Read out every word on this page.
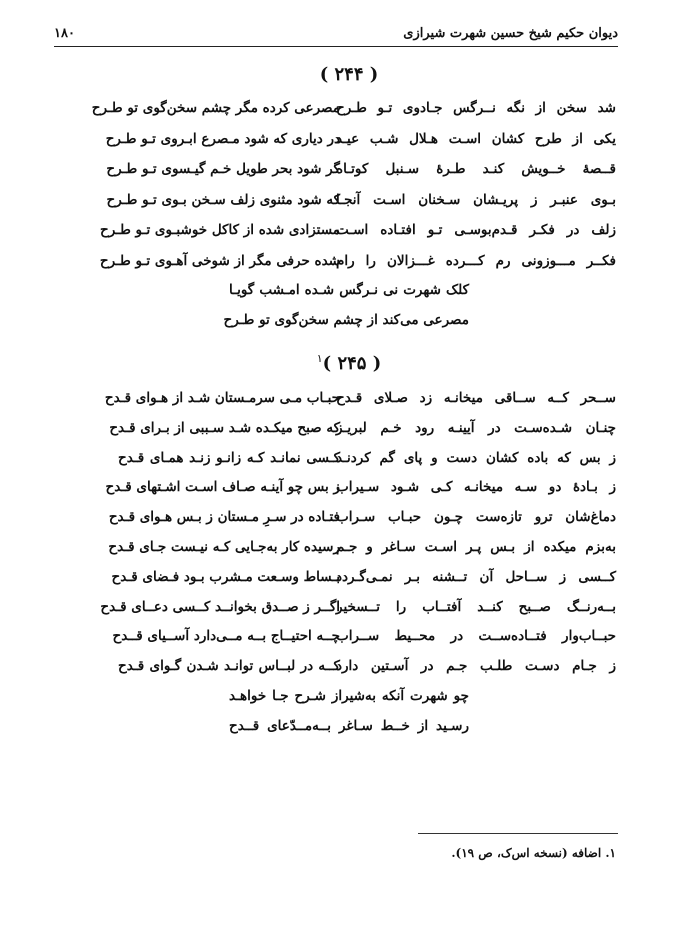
دیوان حکیم شیخ حسین شهرت شیرازی
۱۸۰
( ۲۴۴ )
شد سخن از نگه نــرگس جـادوی تـو طـرح
مصرعی کرده مگر چشم سخن‌گوی تو طـرح
یکی از طرح کشان اسـت هـلال شـب عیـد
در دیاری که شود مـصرع ابـروی تـو طـرح
قــصهٔ خــویش کنـد طـرهٔ سـنبل کوتـاه
گر شود بحر طویل خـم گیـسوی تـو طـرح
بـوی عنبـر ز پریـشان سـخنان اسـت آنجـا
که شود مثنوی زلف سـخن بـوی تـو طـرح
زلف در فکـر قـدم‌بوسـی تـو افتـاده اسـت
مستزادی شده از کاکل خوشبـوی تـو طـرح
فکــر مـــوزونی رم کـــرده غـــزالان را رام
شده حرفی مگر از شوخی آهـوی تـو طـرح
کلک شهرت نی نـرگس شـده امـشب گویـا
مصرعی می‌کند از چشم سخن‌گوی تو طـرح
( ۲۴۵ )$^۱$
ســحر کــه ســاقی میخانـه زد صـلای قـدح
حبـاب مـی سرمـستان شـد از هـوای قـدح
چنـان شـده‌سـت در آیینـه رود خـم لبریـز
که صبح میکـده شـد سـببی از بـرای قـدح
ز بس که باده کشان دست و پای گم کردنـد
کـسی نمانـد کـه زانـو زنـد همـای قـدح
ز بـادهٔ دو سـه میخانـه کـی شـود سـیراب
ز بس چو آینـه صـاف اسـت اشـتهای قـدح
دماغ‌شان ترو تازه‌ست چـون حبـاب سـراب
فتـاده در سـرِ مـستان ز بـس هـوای قـدح
به‌بزم میکده از بـس پـر اسـت سـاغر و جـم
رسیده کار به‌جـایی کـه نیـست جـای قـدح
کــسی ز ســاحل آن تــشنه بـر نمـی‌گـردد
بـساط وسـعت مـشرب بـود فـضای قـدح
بــه‌رنــگ صــبح کنــد آفتــاب را تــسخیر
اگــر ز صــدق بخوانــد کــسی دعــای قـدح
حبــاب‌وار فتــاده‌ســت در محــیط ســراب
چــه احتیــاج بــه مــی‌دارد آســیای قــدح
ز جـام دسـت طلـب جـم در آسـتین دارد
کــه در لبــاس توانـد شـدن گـوای قـدح
چو شهرت آنکه به‌شیراز شـرح جـا خواهـد
رسـید از خــط سـاغر بــه‌مــدّعای قــدح
۱. اضافه (نسخه اس‌ک، ص ۱۹).
